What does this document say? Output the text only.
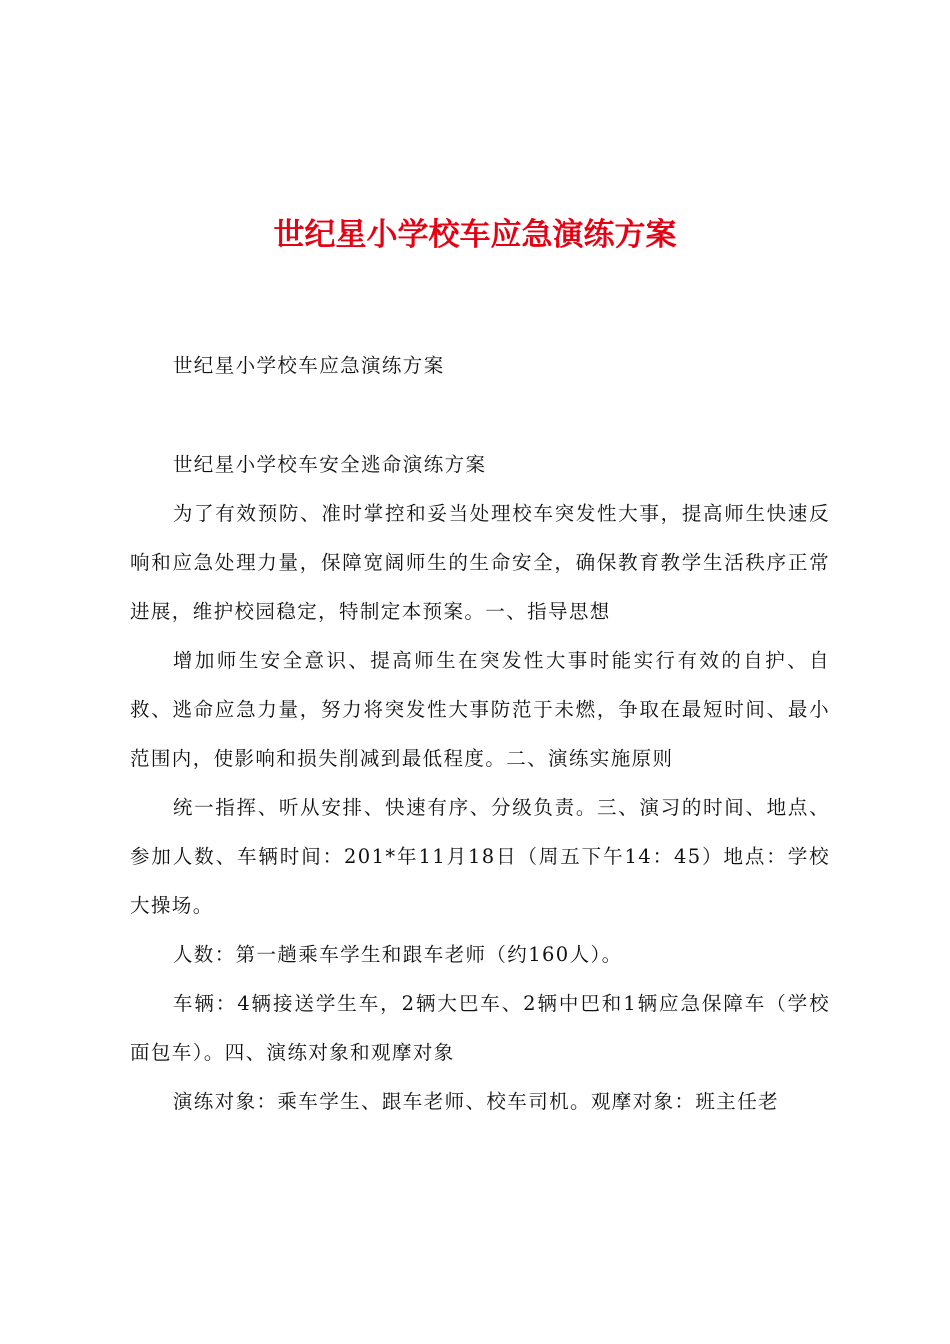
世纪星小学校车应急演练方案

世纪星小学校车应急演练方案

世纪星小学校车安全逃命演练方案

为了有效预防、准时掌控和妥当处理校车突发性大事，提高师生快速反响和应急处理力量，保障宽阔师生的生命安全，确保教育教学生活秩序正常进展，维护校园稳定，特制定本预案。一、指导思想

增加师生安全意识、提高师生在突发性大事时能实行有效的自护、自救、逃命应急力量，努力将突发性大事防范于未燃，争取在最短时间、最小范围内，使影响和损失削减到最低程度。二、演练实施原则

统一指挥、听从安排、快速有序、分级负责。三、演习的时间、地点、参加人数、车辆时间：201*年11月18日（周五下午14：45）地点：学校大操场。

人数：第一趟乘车学生和跟车老师（约160人）。

车辆：4辆接送学生车，2辆大巴车、2辆中巴和1辆应急保障车（学校面包车）。四、演练对象和观摩对象

演练对象：乘车学生、跟车老师、校车司机。观摩对象：班主任老
